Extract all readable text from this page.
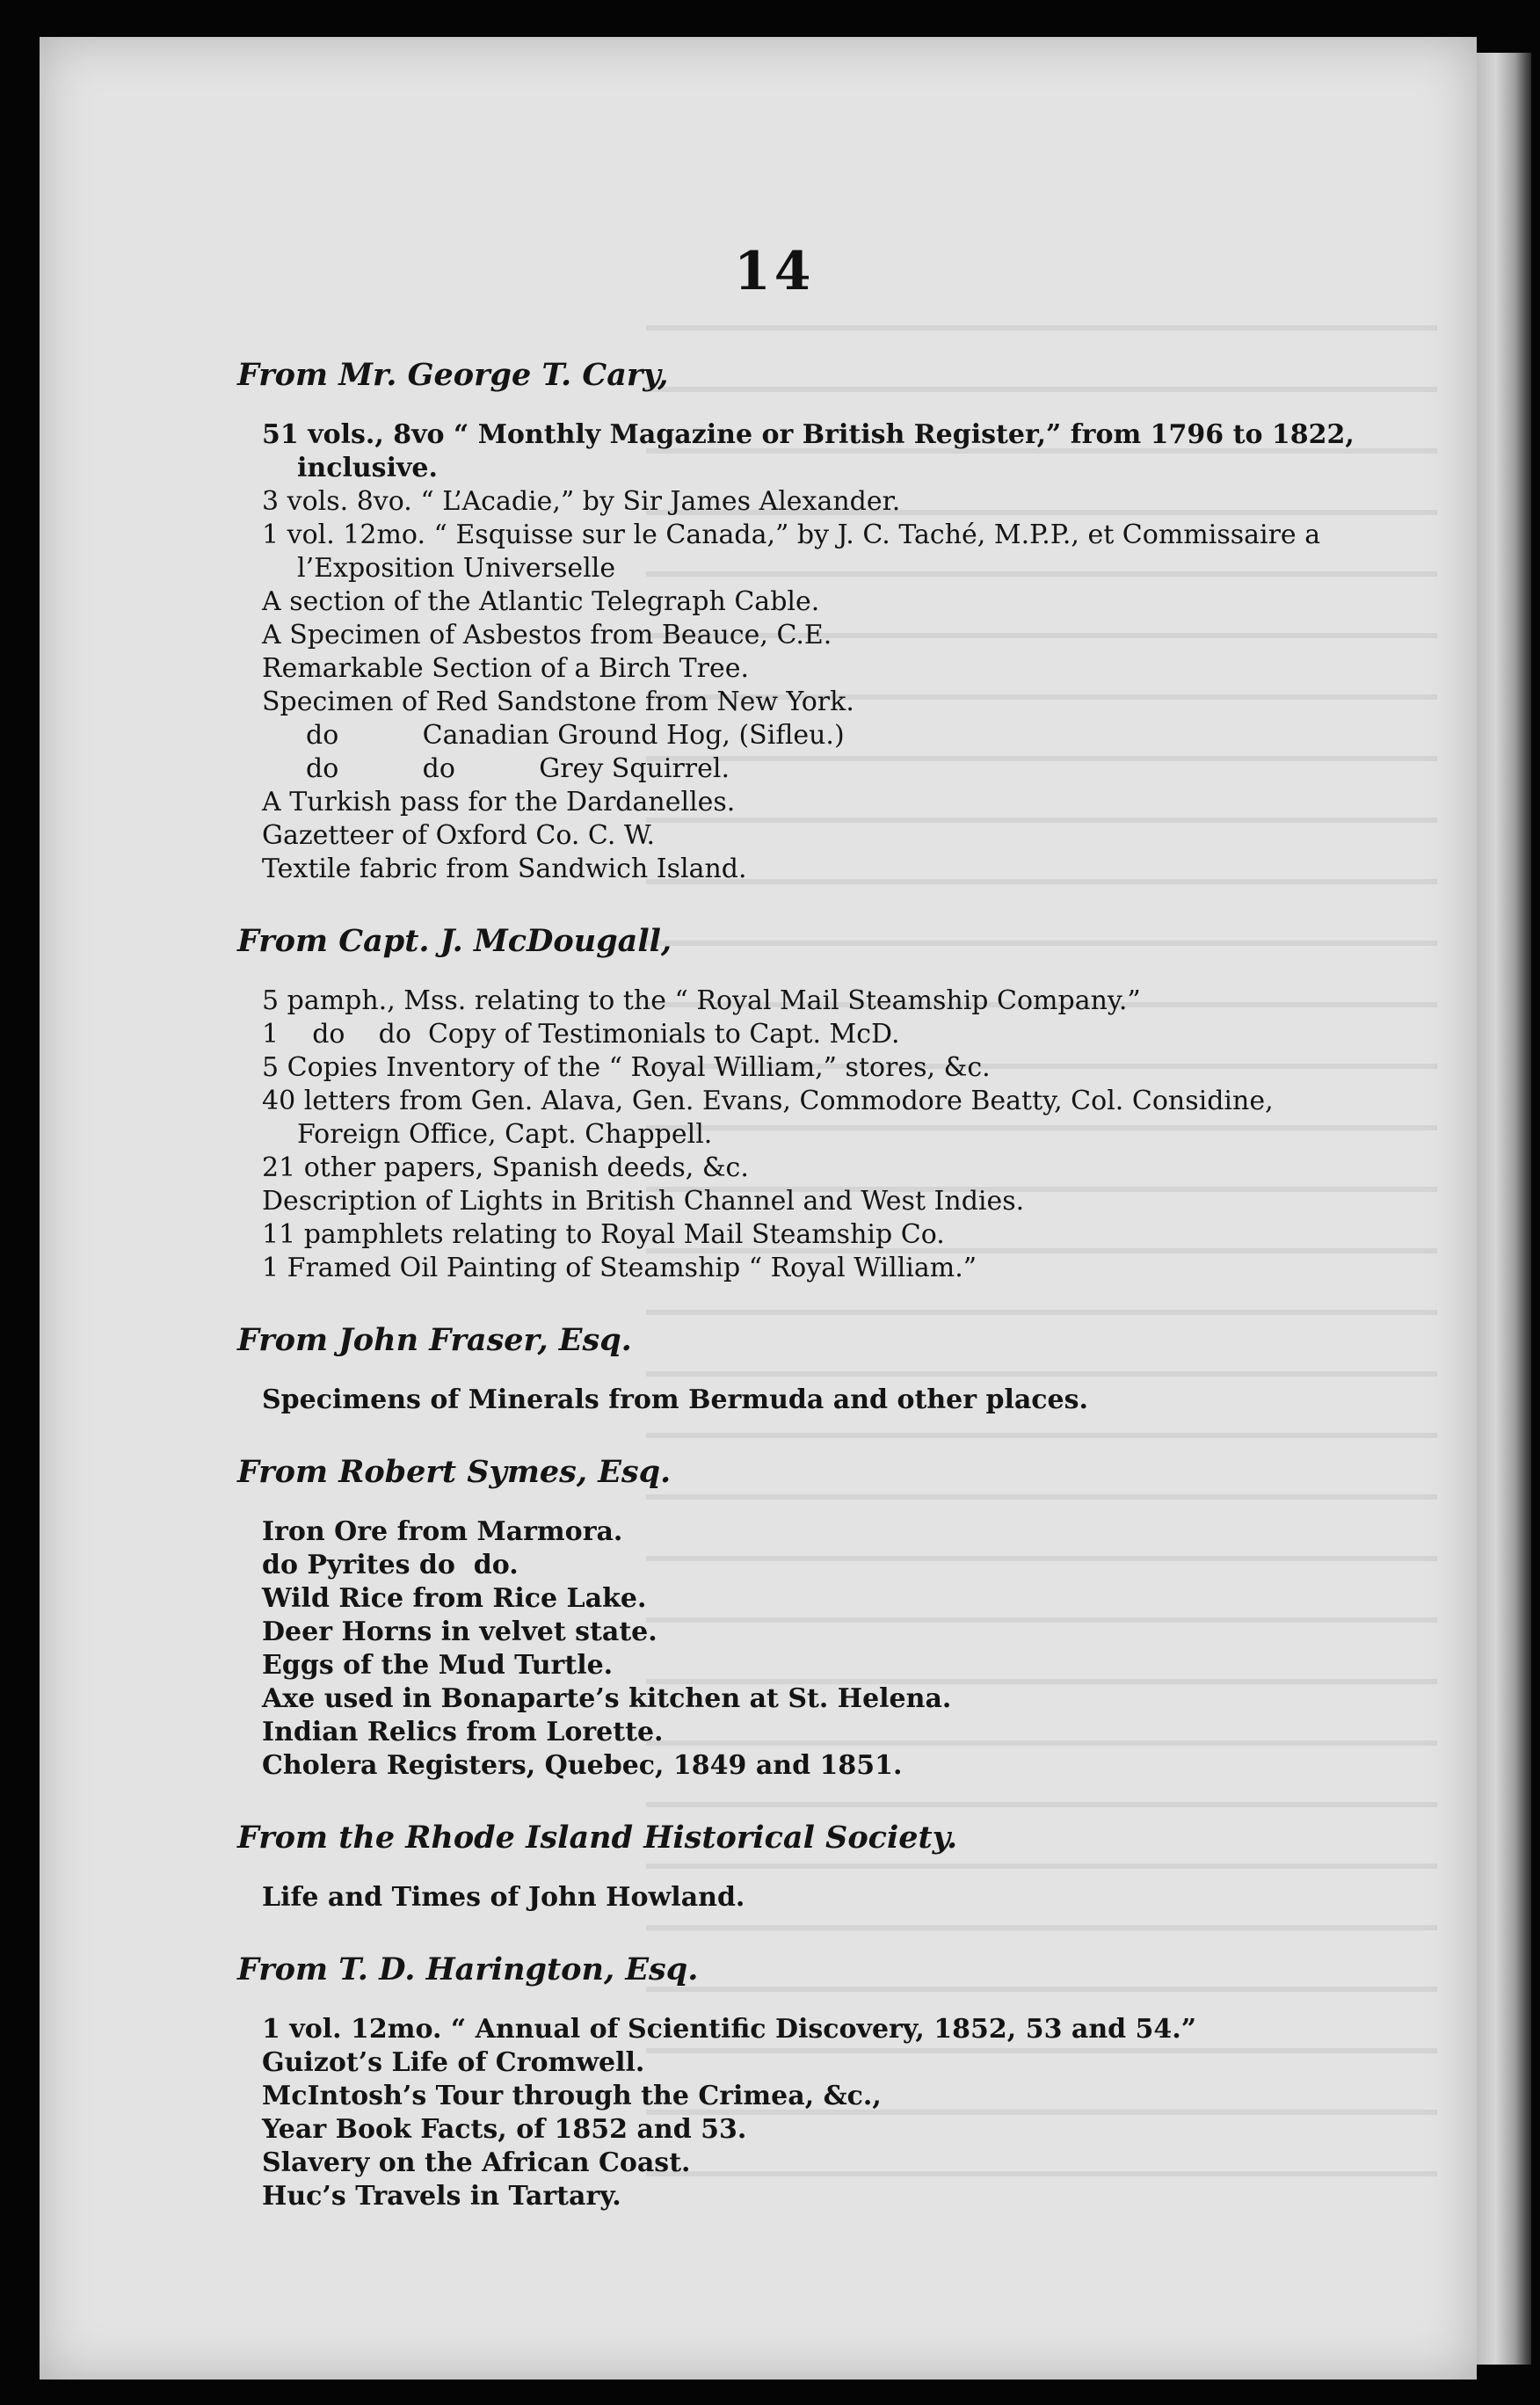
14
From Mr. George T. Cary,
51 vols., 8vo “ Monthly Magazine or British Register,” from 1796 to 1822, inclusive.
3 vols. 8vo. “ L’Acadie,” by Sir James Alexander.
1 vol. 12mo. “ Esquisse sur le Canada,” by J. C. Taché, M.P.P., et Commissaire a l’Exposition Universelle
A section of the Atlantic Telegraph Cable.
A Specimen of Asbestos from Beauce, C.E.
Remarkable Section of a Birch Tree.
Specimen of Red Sandstone from New York.
do          Canadian Ground Hog, (Sifleu.)
do          do          Grey Squirrel.
A Turkish pass for the Dardanelles.
Gazetteer of Oxford Co. C. W.
Textile fabric from Sandwich Island.
From Capt. J. McDougall,
5 pamph., Mss. relating to the “ Royal Mail Steamship Company.”
1    do    do  Copy of Testimonials to Capt. McD.
5 Copies Inventory of the “ Royal William,” stores, &c.
40 letters from Gen. Alava, Gen. Evans, Commodore Beatty, Col. Considine, Foreign Office, Capt. Chappell.
21 other papers, Spanish deeds, &c.
Description of Lights in British Channel and West Indies.
11 pamphlets relating to Royal Mail Steamship Co.
1 Framed Oil Painting of Steamship “ Royal William.”
From John Fraser, Esq.
Specimens of Minerals from Bermuda and other places.
From Robert Symes, Esq.
Iron Ore from Marmora.
do Pyrites do  do.
Wild Rice from Rice Lake.
Deer Horns in velvet state.
Eggs of the Mud Turtle.
Axe used in Bonaparte’s kitchen at St. Helena.
Indian Relics from Lorette.
Cholera Registers, Quebec, 1849 and 1851.
From the Rhode Island Historical Society.
Life and Times of John Howland.
From T. D. Harington, Esq.
1 vol. 12mo. “ Annual of Scientific Discovery, 1852, 53 and 54.”
Guizot’s Life of Cromwell.
McIntosh’s Tour through the Crimea, &c.,
Year Book Facts, of 1852 and 53.
Slavery on the African Coast.
Huc’s Travels in Tartary.
